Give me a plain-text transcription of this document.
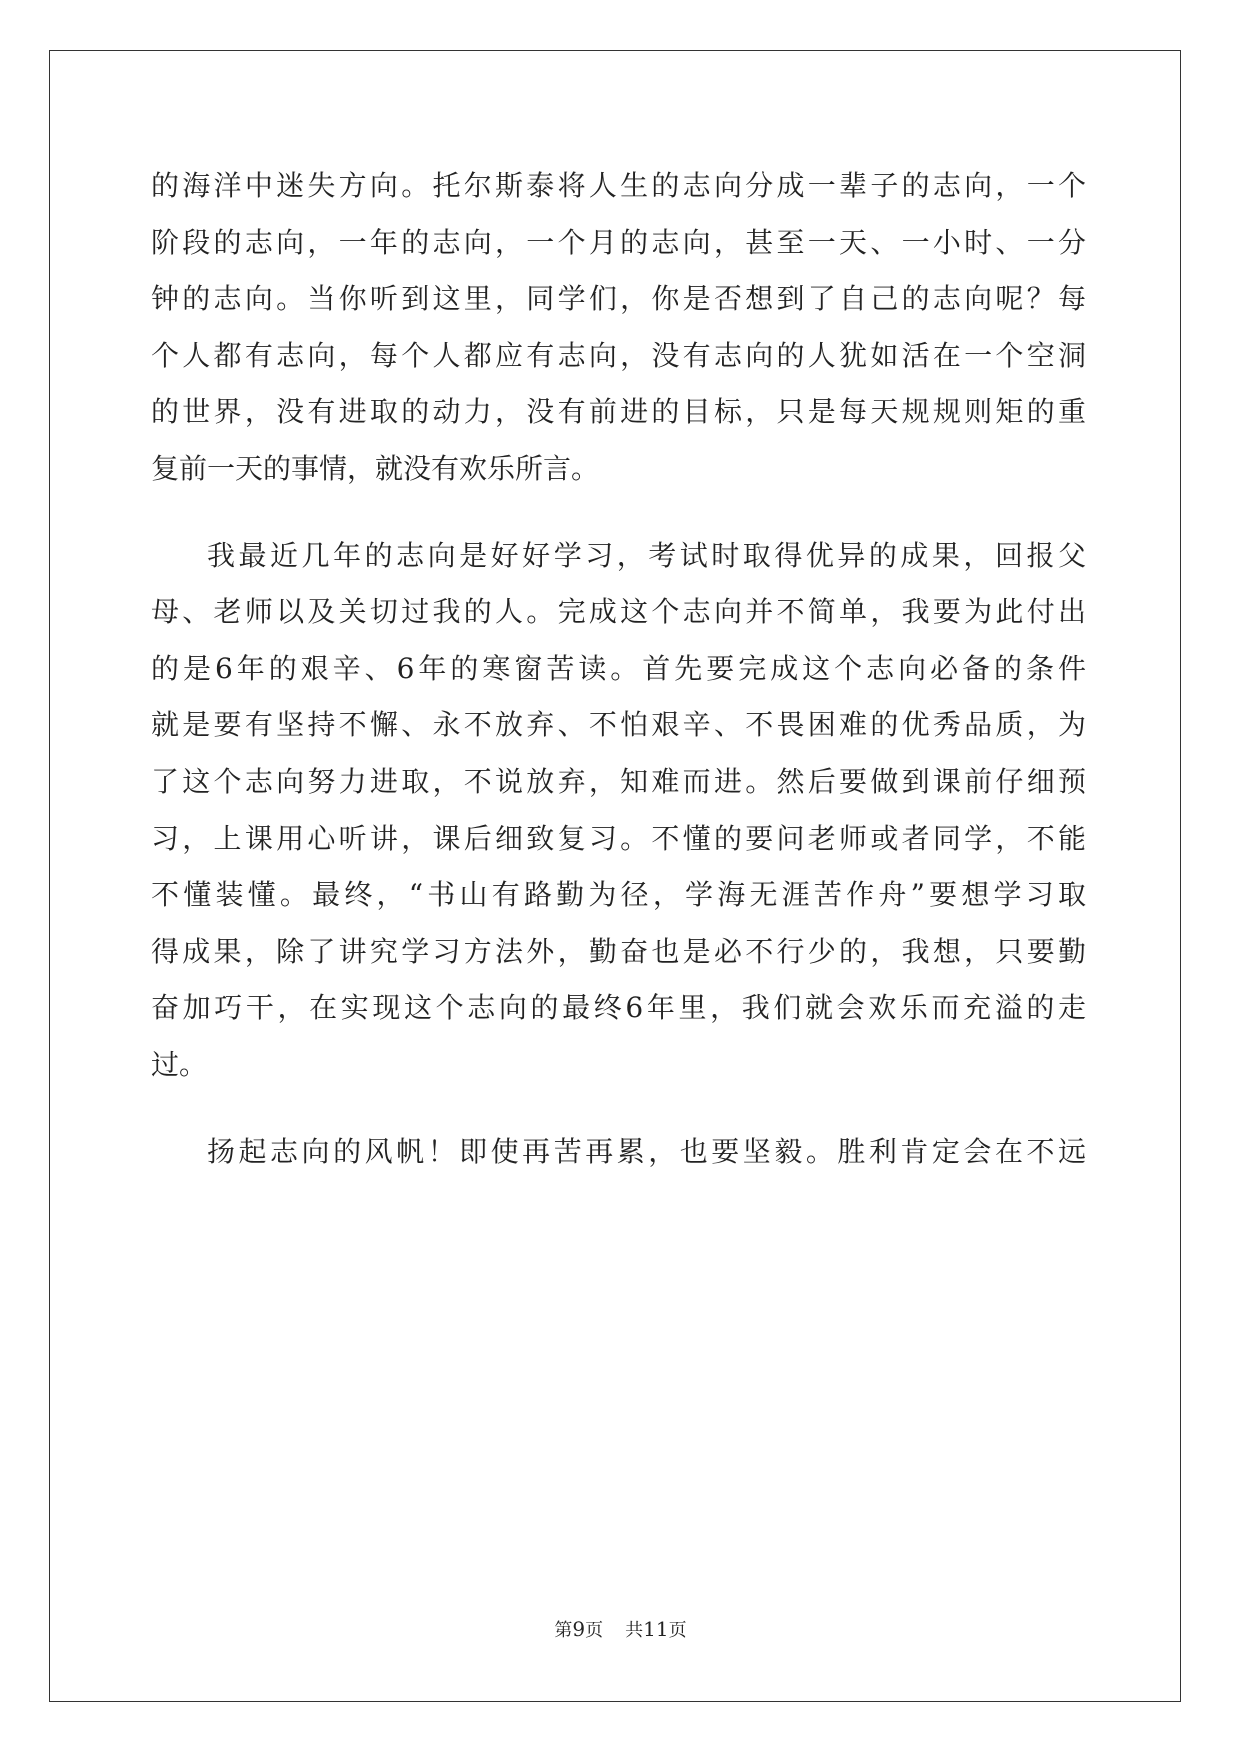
的海洋中迷失方向。托尔斯泰将人生的志向分成一辈子的志向，一个
阶段的志向，一年的志向，一个月的志向，甚至一天、一小时、一分
钟的志向。当你听到这里，同学们，你是否想到了自己的志向呢？每
个人都有志向，每个人都应有志向，没有志向的人犹如活在一个空洞
的世界，没有进取的动力，没有前进的目标，只是每天规规则矩的重
复前一天的事情，就没有欢乐所言。
我最近几年的志向是好好学习，考试时取得优异的成果，回报父
母、老师以及关切过我的人。完成这个志向并不简单，我要为此付出
的是6年的艰辛、6年的寒窗苦读。首先要完成这个志向必备的条件
就是要有坚持不懈、永不放弃、不怕艰辛、不畏困难的优秀品质，为
了这个志向努力进取，不说放弃，知难而进。然后要做到课前仔细预
习，上课用心听讲，课后细致复习。不懂的要问老师或者同学，不能
不懂装懂。最终，“书山有路勤为径，学海无涯苦作舟”要想学习取
得成果，除了讲究学习方法外，勤奋也是必不行少的，我想，只要勤
奋加巧干，在实现这个志向的最终6年里，我们就会欢乐而充溢的走
过。
扬起志向的风帆！即使再苦再累，也要坚毅。胜利肯定会在不远
第9页 共11页
